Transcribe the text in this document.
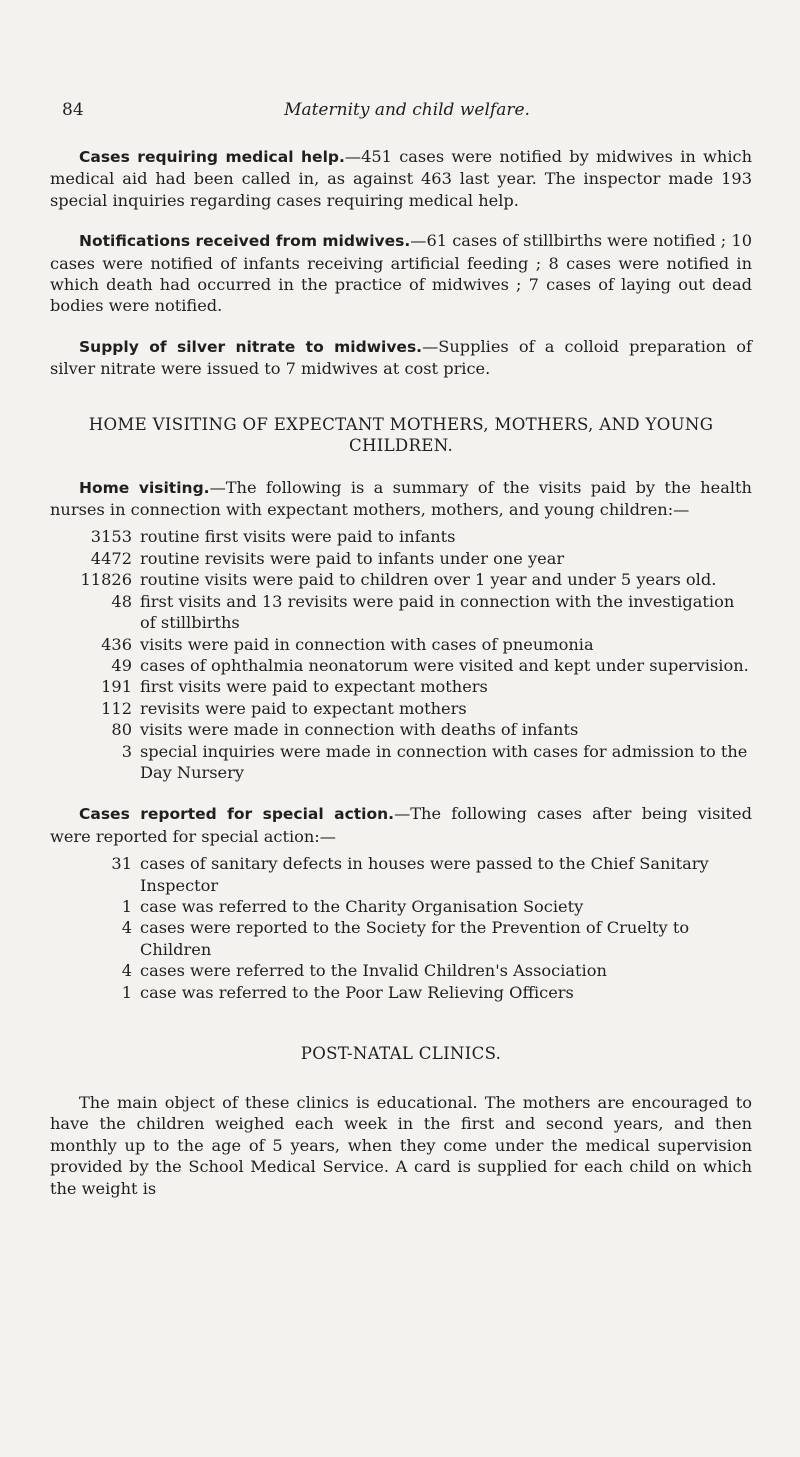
84	Maternity and child welfare.

Cases requiring medical help.—451 cases were notified by midwives in which medical aid had been called in, as against 463 last year. The inspector made 193 special inquiries regarding cases requiring medical help.

Notifications received from midwives.—61 cases of stillbirths were notified ; 10 cases were notified of infants receiving artificial feeding ; 8 cases were notified in which death had occurred in the practice of midwives ; 7 cases of laying out dead bodies were notified.

Supply of silver nitrate to midwives.—Supplies of a colloid preparation of silver nitrate were issued to 7 midwives at cost price.

HOME VISITING OF EXPECTANT MOTHERS, MOTHERS, AND YOUNG CHILDREN.

Home visiting.—The following is a summary of the visits paid by the health nurses in connection with expectant mothers, mothers, and young children:—

3153 routine first visits were paid to infants
4472 routine revisits were paid to infants under one year
11826 routine visits were paid to children over 1 year and under 5 years old.
48 first visits and 13 revisits were paid in connection with the investigation of stillbirths
436 visits were paid in connection with cases of pneumonia
49 cases of ophthalmia neonatorum were visited and kept under supervision.
191 first visits were paid to expectant mothers
112 revisits were paid to expectant mothers
80 visits were made in connection with deaths of infants
3 special inquiries were made in connection with cases for admission to the Day Nursery

Cases reported for special action.—The following cases after being visited were reported for special action:—

31 cases of sanitary defects in houses were passed to the Chief Sanitary Inspector
1 case was referred to the Charity Organisation Society
4 cases were reported to the Society for the Prevention of Cruelty to Children
4 cases were referred to the Invalid Children's Association
1 case was referred to the Poor Law Relieving Officers
POST-NATAL CLINICS.

The main object of these clinics is educational. The mothers are encouraged to have the children weighed each week in the first and second years, and then monthly up to the age of 5 years, when they come under the medical supervision provided by the School Medical Service. A card is supplied for each child on which the weight is
